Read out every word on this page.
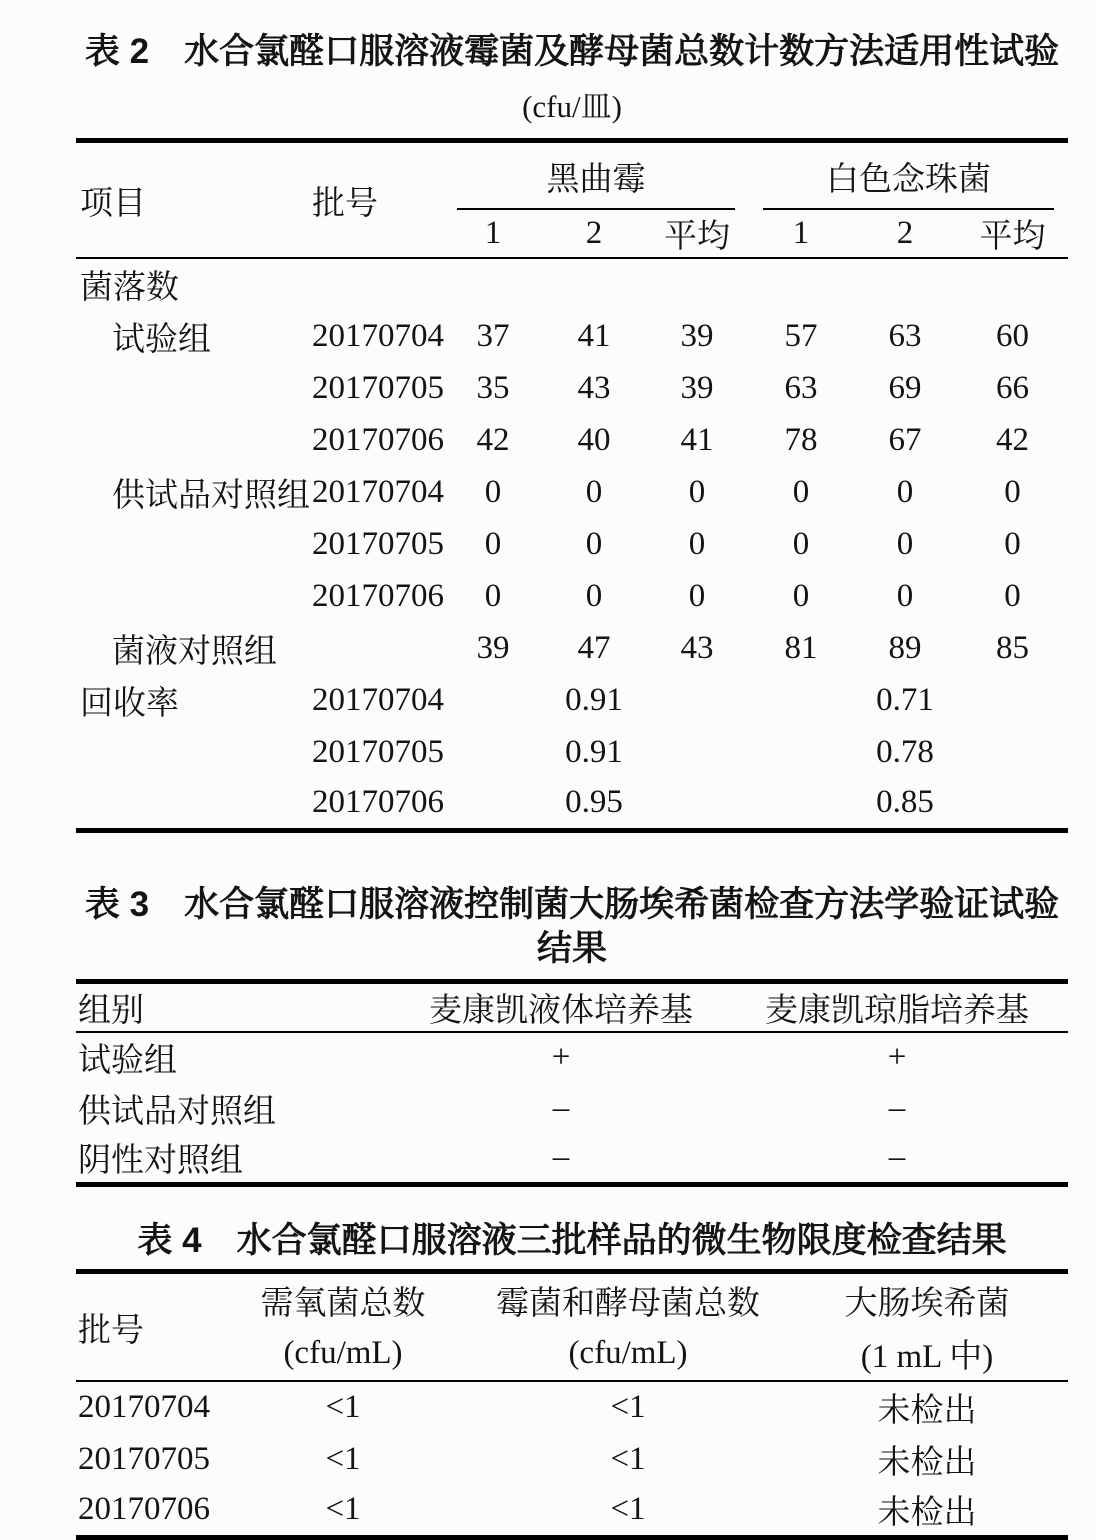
表 2　水合氯醛口服溶液霉菌及酵母菌总数计数方法适用性试验
(cfu/皿)
项目	批号	黑曲霉			白色念珠菌		

		1	2	平均	1	2	平均
菌落数							
试验组	20170704	37	41	39	57	63	60
	20170705	35	43	39	63	69	66
	20170706	42	40	41	78	67	42
供试品对照组	20170704	0	0	0	0	0	0
	20170705	0	0	0	0	0	0
	20170706	0	0	0	0	0	0
菌液对照组		39	47	43	81	89	85
回收率	20170704		0.91			0.71	
	20170705		0.91			0.78	
	20170706		0.95			0.85	
表 3　水合氯醛口服溶液控制菌大肠埃希菌检查方法学验证试验结果
组别	麦康凯液体培养基	麦康凯琼脂培养基
试验组	+	+
供试品对照组	–	–
阴性对照组	–	–
表 4　水合氯醛口服溶液三批样品的微生物限度检查结果
批号	
需氧菌总数
(cfu/mL)

霉菌和酵母菌总数
(cfu/mL)

大肠埃希菌
(1 mL 中)

20170704	<1	<1	未检出
20170705	<1	<1	未检出
20170706	<1	<1	未检出
